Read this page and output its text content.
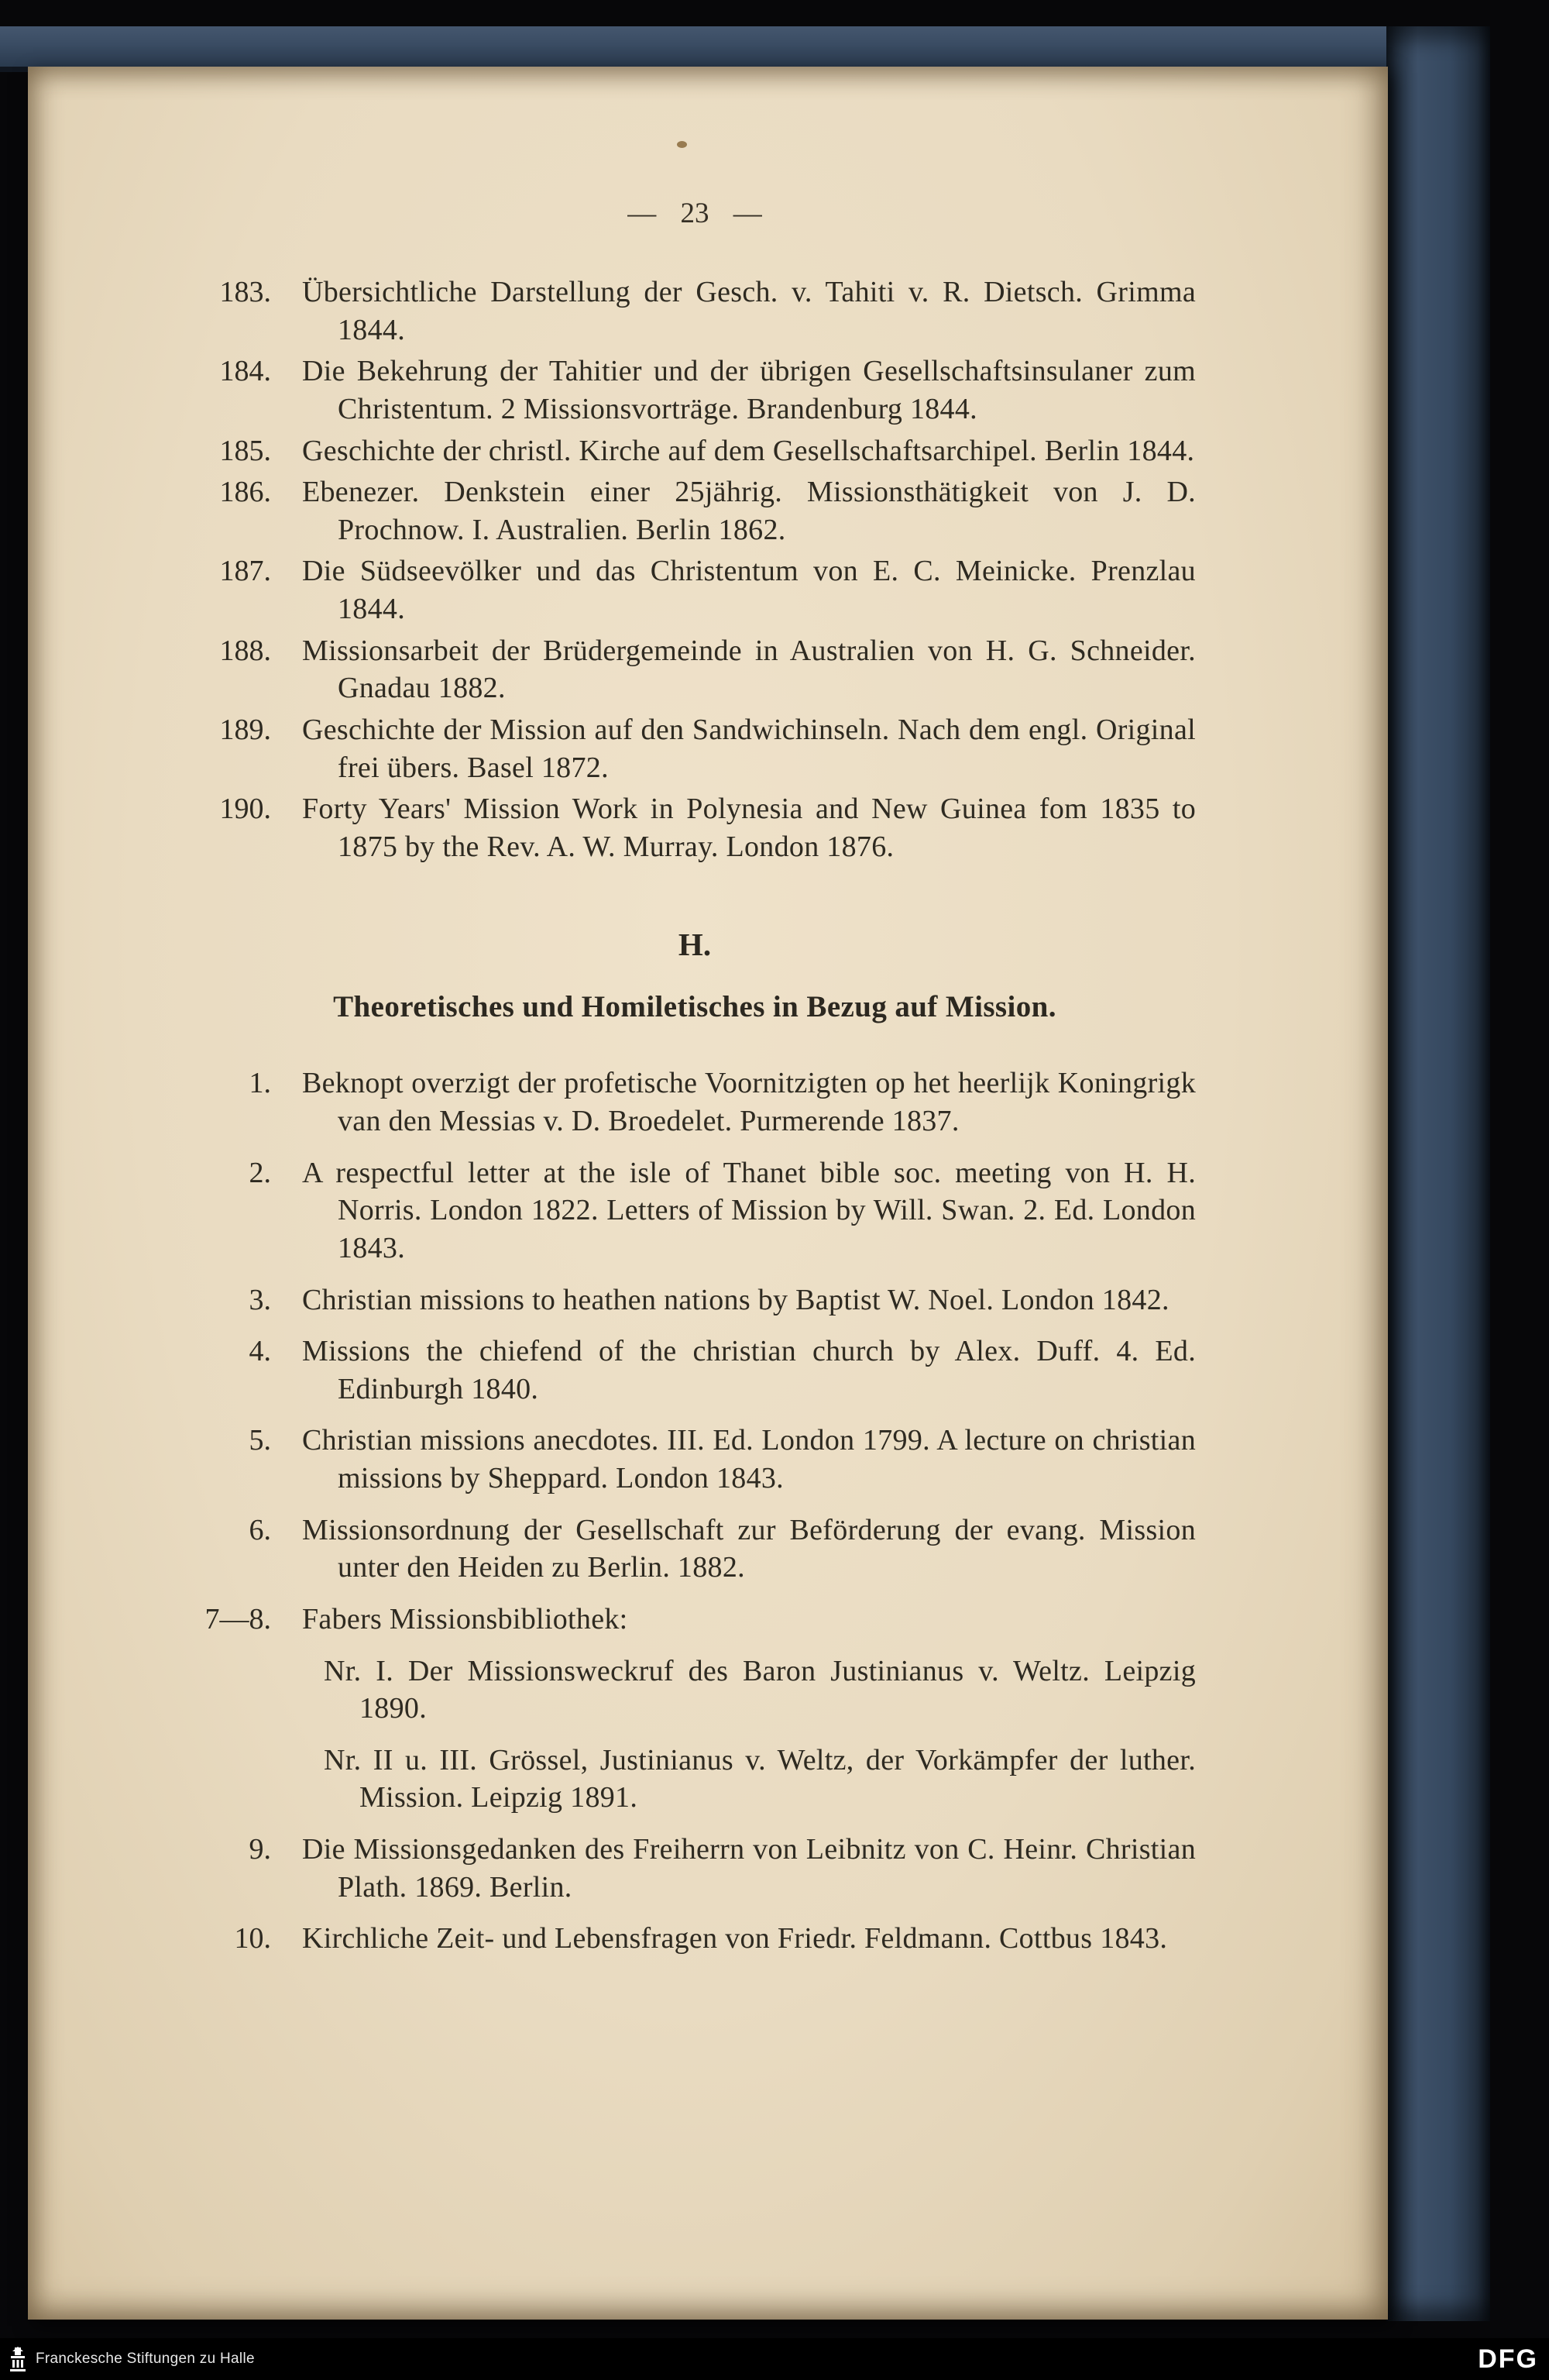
— 23 —
183. Übersichtliche Darstellung der Gesch. v. Tahiti v. R. Dietsch. Grimma 1844.
184. Die Bekehrung der Tahitier und der übrigen Gesellschaftsinsulaner zum Christentum. 2 Missionsvorträge. Brandenburg 1844.
185. Geschichte der christl. Kirche auf dem Gesellschaftsarchipel. Berlin 1844.
186. Ebenezer. Denkstein einer 25jährig. Missionsthätigkeit von J. D. Prochnow. I. Australien. Berlin 1862.
187. Die Südseevölker und das Christentum von E. C. Meinicke. Prenzlau 1844.
188. Missionsarbeit der Brüdergemeinde in Australien von H. G. Schneider. Gnadau 1882.
189. Geschichte der Mission auf den Sandwichinseln. Nach dem engl. Original frei übers. Basel 1872.
190. Forty Years' Mission Work in Polynesia and New Guinea fom 1835 to 1875 by the Rev. A. W. Murray. London 1876.
H.
Theoretisches und Homiletisches in Bezug auf Mission.
1. Beknopt overzigt der profetische Voornitzigten op het heerlijk Koningrigk van den Messias v. D. Broedelet. Purmerende 1837.
2. A respectful letter at the isle of Thanet bible soc. meeting von H. H. Norris. London 1822. Letters of Mission by Will. Swan. 2. Ed. London 1843.
3. Christian missions to heathen nations by Baptist W. Noel. London 1842.
4. Missions the chiefend of the christian church by Alex. Duff. 4. Ed. Edinburgh 1840.
5. Christian missions anecdotes. III. Ed. London 1799. A lecture on christian missions by Sheppard. London 1843.
6. Missionsordnung der Gesellschaft zur Beförderung der evang. Mission unter den Heiden zu Berlin. 1882.
7—8. Fabers Missionsbibliothek:
Nr. I. Der Missionsweckruf des Baron Justinianus v. Weltz. Leipzig 1890.
Nr. II u. III. Grössel, Justinianus v. Weltz, der Vorkämpfer der luther. Mission. Leipzig 1891.
9. Die Missionsgedanken des Freiherrn von Leibnitz von C. Heinr. Christian Plath. 1869. Berlin.
10. Kirchliche Zeit- und Lebensfragen von Friedr. Feldmann. Cottbus 1843.
Franckesche Stiftungen zu Halle	DFG
